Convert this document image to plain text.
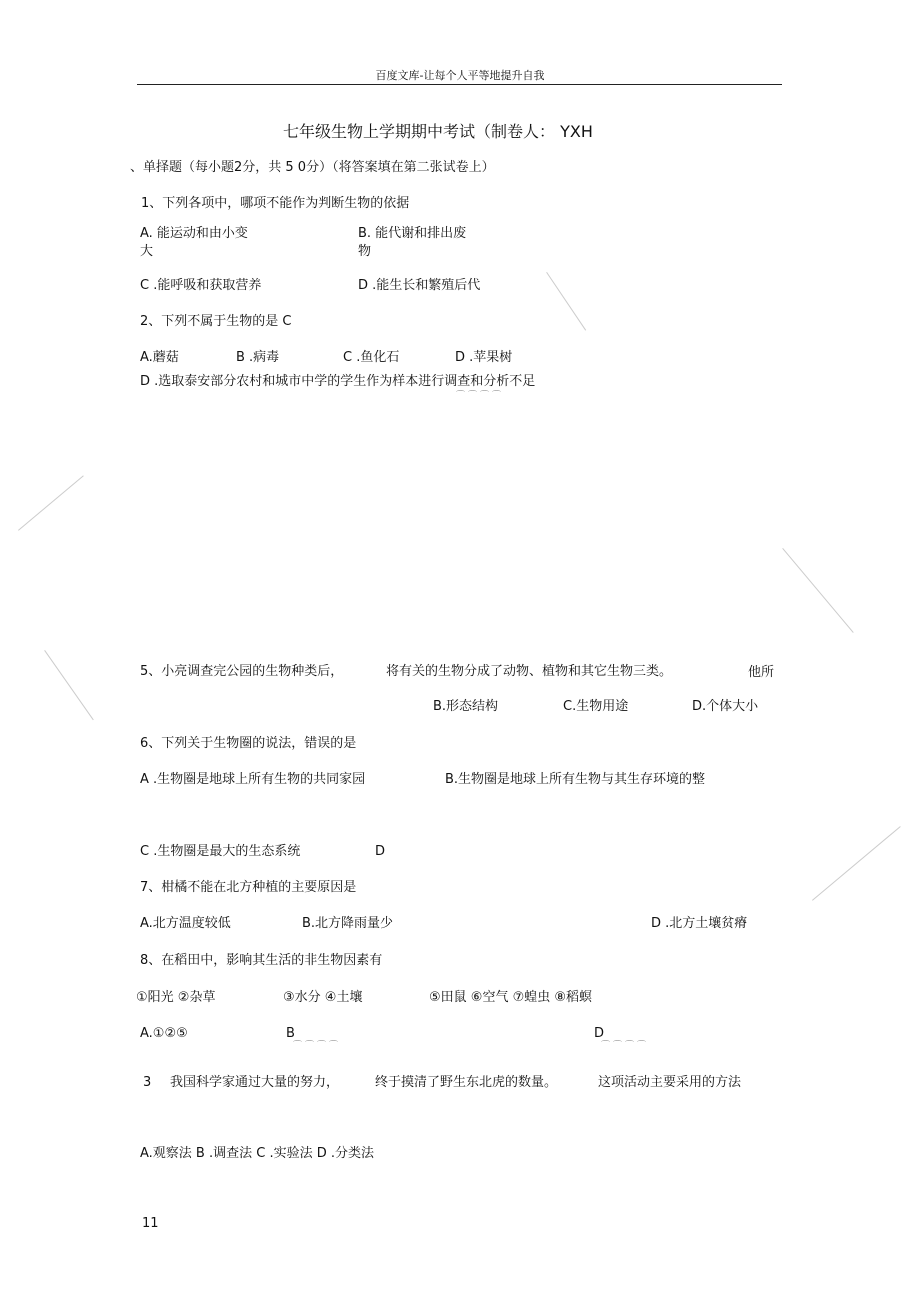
百度文库-让每个人平等地提升自我
七年级生物上学期期中考试（制卷人： YXH
、单择题（每小题2分，共 5 0分）（将答案填在第二张试卷上）
1、下列各项中，哪项不能作为判断生物的依据
A. 能运动和由小变
大
B. 能代谢和排出废
物
C .能呼吸和获取营养	D .能生长和繁殖后代
2、下列不属于生物的是 C
A.蘑菇	B .病毒	C .鱼化石	D .苹果树
D .选取泰安部分农村和城市中学的学生作为样本进行调查和分析不足
⌒⌒⌒⌒
5、小亮调查完公园的生物种类后，	将有关的生物分成了动物、植物和其它生物三类。	他所
B.形态结构	C.生物用途	D.个体大小
6、下列关于生物圈的说法，错误的是
A .生物圈是地球上所有生物的共同家园	B.生物圈是地球上所有生物与其生存环境的整
C .生物圈是最大的生态系统	D
7、柑橘不能在北方种植的主要原因是
A.北方温度较低	B.北方降雨量少	D .北方土壤贫瘠
8、在稻田中，影响其生活的非生物因素有
①阳光 ②杂草	③水分 ④土壤	⑤田鼠 ⑥空气 ⑦蝗虫 ⑧稻螟
A.①②⑤	B
⌒⌒⌒⌒
D
⌒⌒⌒⌒
3 我国科学家通过大量的努力，	终于摸清了野生东北虎的数量。	这项活动主要采用的方法
A.观察法 B .调查法 C .实验法 D .分类法
11
